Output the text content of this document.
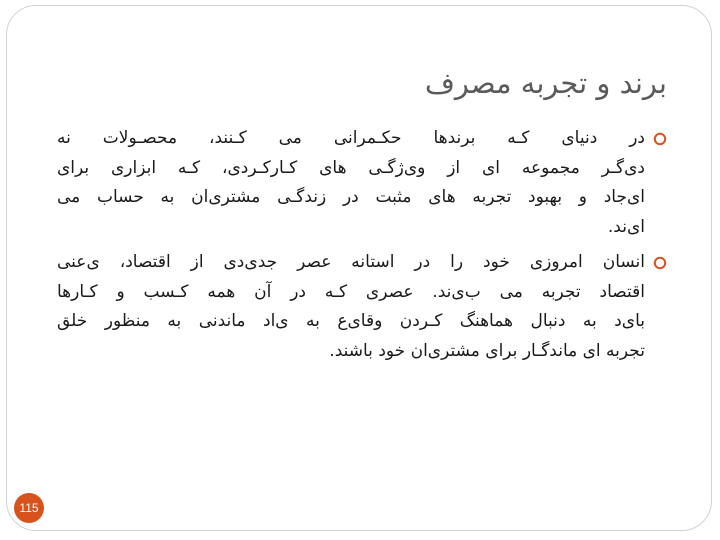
برند و تجربه مصرف
در دنیای کـه برندها حکـمرانی می کـنند، محصـولات نه
دی‌گـر مجموعه ای از وی‌ژگـی های کـارکـردی، کـه ابزاری برای
ای‌جاد و بهبود تجربه های مثبت در زندگـی مشتری‌ان به حساب می
ای‌ند.
انسان امروزی خود را در استانه عصر جدی‌دی از اقتصاد، ی‌عنی
اقتصاد تجربه می ب‌ی‌ند. عصری کـه در آن همه کـسب و کـارها
بای‌د به دنبال هماهنگ کـردن وقای‌ع به ی‌اد ماندنی به منظور خلق
تجربه ای ماندگـار برای مشتری‌ان خود باشند.
115
